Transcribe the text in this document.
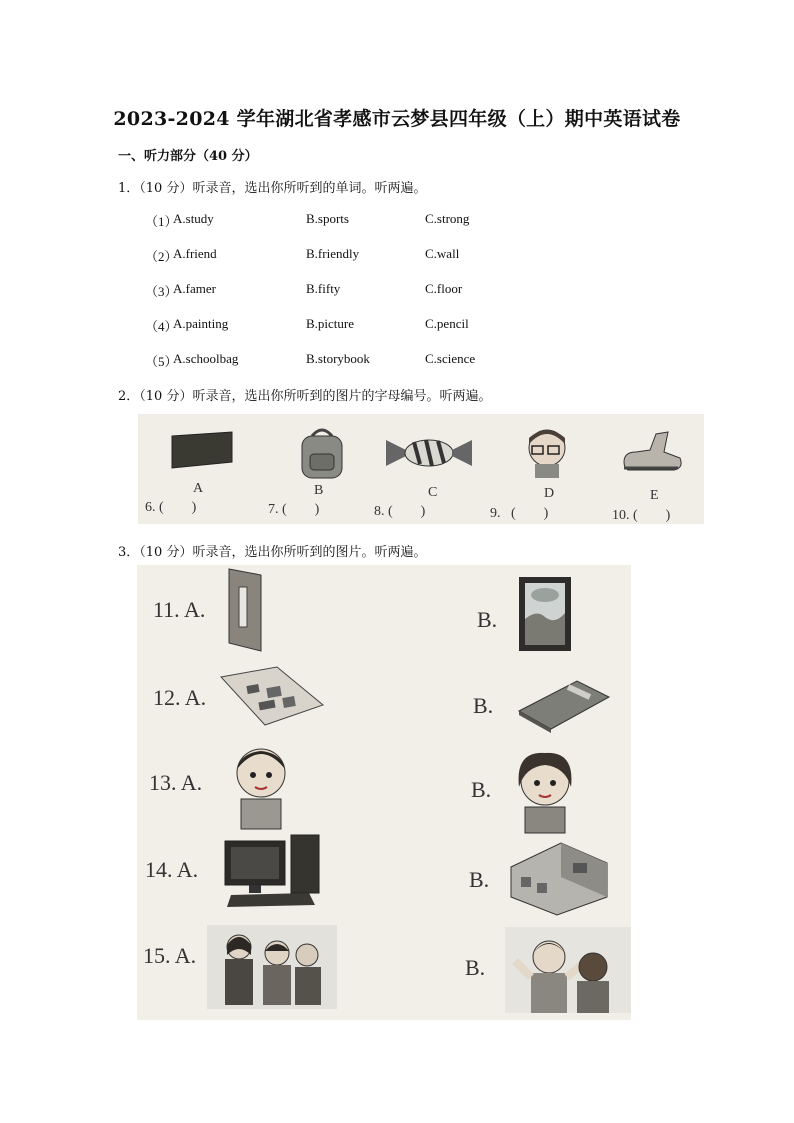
2023-2024 学年湖北省孝感市云梦县四年级（上）期中英语试卷
一、听力部分（40 分）
1．（10 分）听录音，选出你所听到的单词。听两遍。
（1）
A.study	B.sports	C.strong
（2）
A.friend	B.friendly	C.wall
（3）
A.famer	B.fifty	C.floor
（4）
A.painting	B.picture	C.pencil
（5）
A.schoolbag	B.storybook	C.science
2．（10 分）听录音，选出你所听到的图片的字母编号。听两遍。
A	B	C	D	E
6. (        )	7. (        )	8. (        )	9.   (        )	10. (        )
3．（10 分）听录音，选出你所听到的图片。听两遍。
11. A.	B.
12. A.	B.
13. A.	B.
14. A.	B.
15. A.	B.
